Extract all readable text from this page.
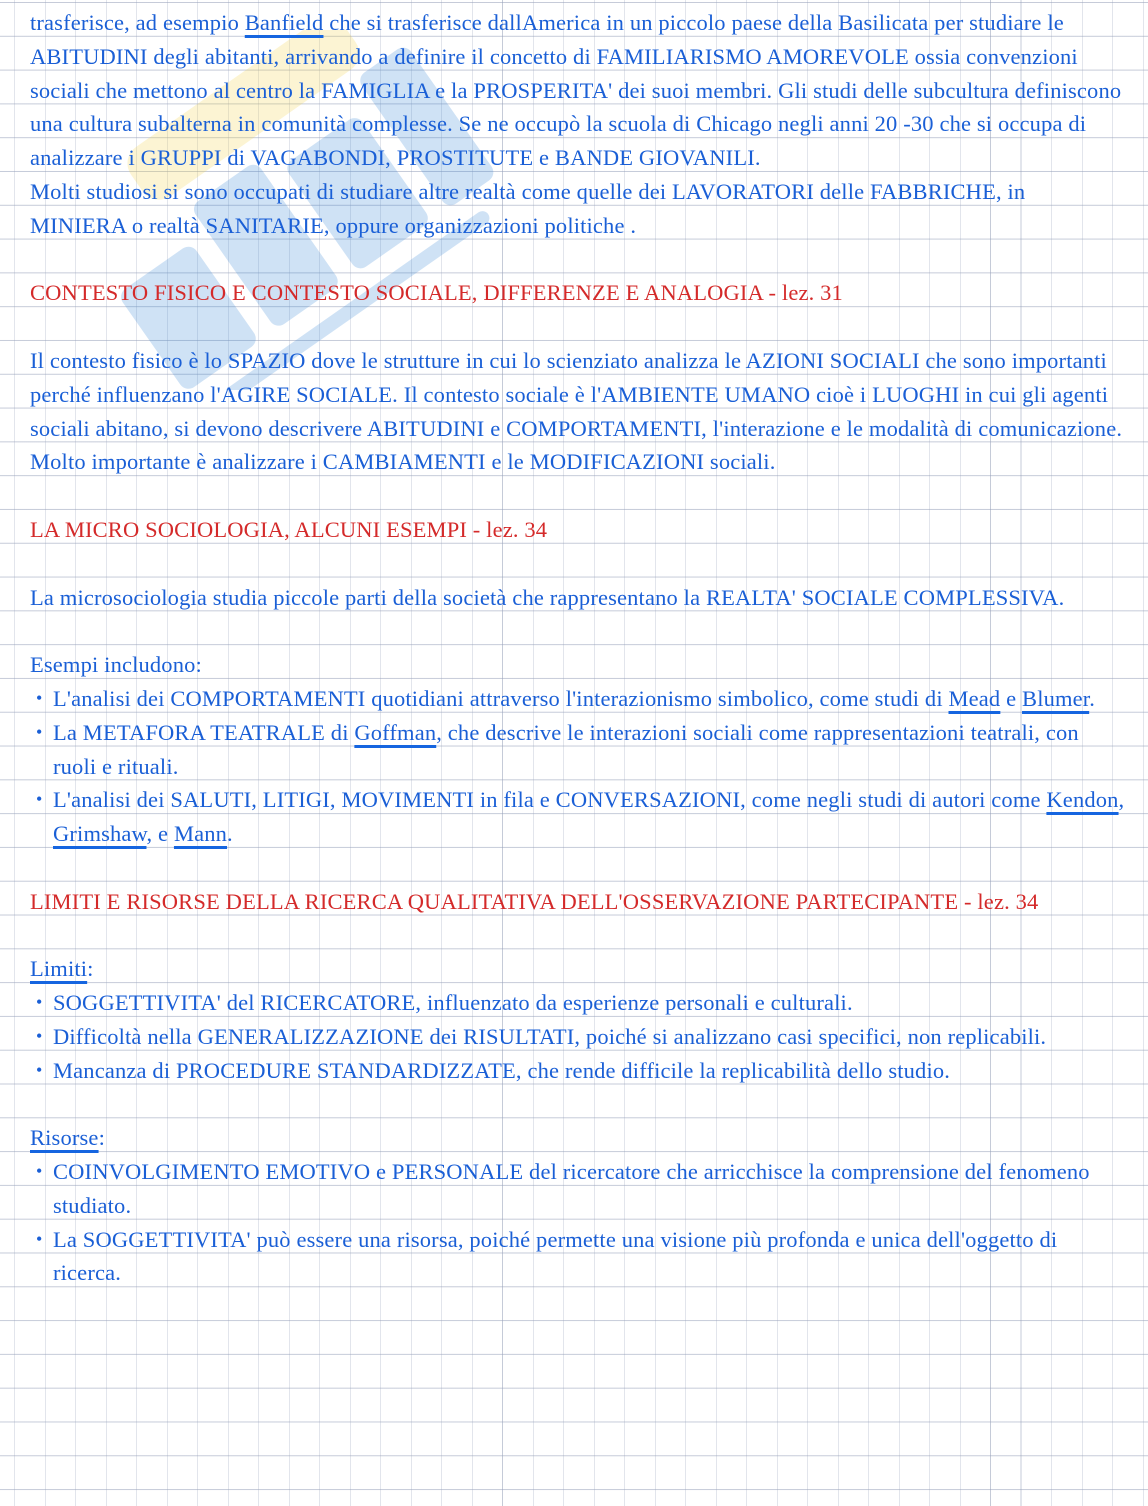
trasferisce, ad esempio Banfield che si trasferisce dallAmerica in un piccolo paese della Basilicata per studiare le ABITUDINI degli abitanti, arrivando a definire il concetto di FAMILIARISMO AMOREVOLE ossia convenzioni sociali che mettono al centro la FAMIGLIA e la PROSPERITA' dei suoi membri. Gli studi delle subcultura definiscono una cultura subalterna in comunità complesse. Se ne occupò la scuola di Chicago negli anni 20 -30 che si occupa di analizzare i GRUPPI di VAGABONDI, PROSTITUTE e BANDE GIOVANILI.

Molti studiosi si sono occupati di studiare altre realtà come quelle dei LAVORATORI delle FABBRICHE, in MINIERA o realtà SANITARIE, oppure organizzazioni politiche .

CONTESTO FISICO E CONTESTO SOCIALE, DIFFERENZE E ANALOGIA - lez. 31

Il contesto fisico è lo SPAZIO dove le strutture in cui lo scienziato analizza le AZIONI SOCIALI che sono importanti perché influenzano l'AGIRE SOCIALE. Il contesto sociale è l'AMBIENTE UMANO cioè i LUOGHI in cui gli agenti sociali abitano, si devono descrivere ABITUDINI e COMPORTAMENTI, l'interazione e le modalità di comunicazione. Molto importante è analizzare i CAMBIAMENTI e le MODIFICAZIONI sociali.

LA MICRO SOCIOLOGIA, ALCUNI ESEMPI - lez. 34

La microsociologia studia piccole parti della società che rappresentano la REALTA' SOCIALE COMPLESSIVA.

Esempi includono:

• L'analisi dei COMPORTAMENTI quotidiani attraverso l'interazionismo simbolico, come studi di Mead e Blumer.
• La METAFORA TEATRALE di Goffman, che descrive le interazioni sociali come rappresentazioni teatrali, con ruoli e rituali.
• L'analisi dei SALUTI, LITIGI, MOVIMENTI in fila e CONVERSAZIONI, come negli studi di autori come Kendon, Grimshaw, e Mann.

LIMITI E RISORSE DELLA RICERCA QUALITATIVA DELL'OSSERVAZIONE PARTECIPANTE - lez. 34

Limiti:

• SOGGETTIVITA' del RICERCATORE, influenzato da esperienze personali e culturali.
• Difficoltà nella GENERALIZZAZIONE dei RISULTATI, poiché si analizzano casi specifici, non replicabili.
• Mancanza di PROCEDURE STANDARDIZZATE, che rende difficile la replicabilità dello studio.

Risorse:

• COINVOLGIMENTO EMOTIVO e PERSONALE del ricercatore che arricchisce la comprensione del fenomeno studiato.
• La SOGGETTIVITA' può essere una risorsa, poiché permette una visione più profonda e unica dell'oggetto di ricerca.
